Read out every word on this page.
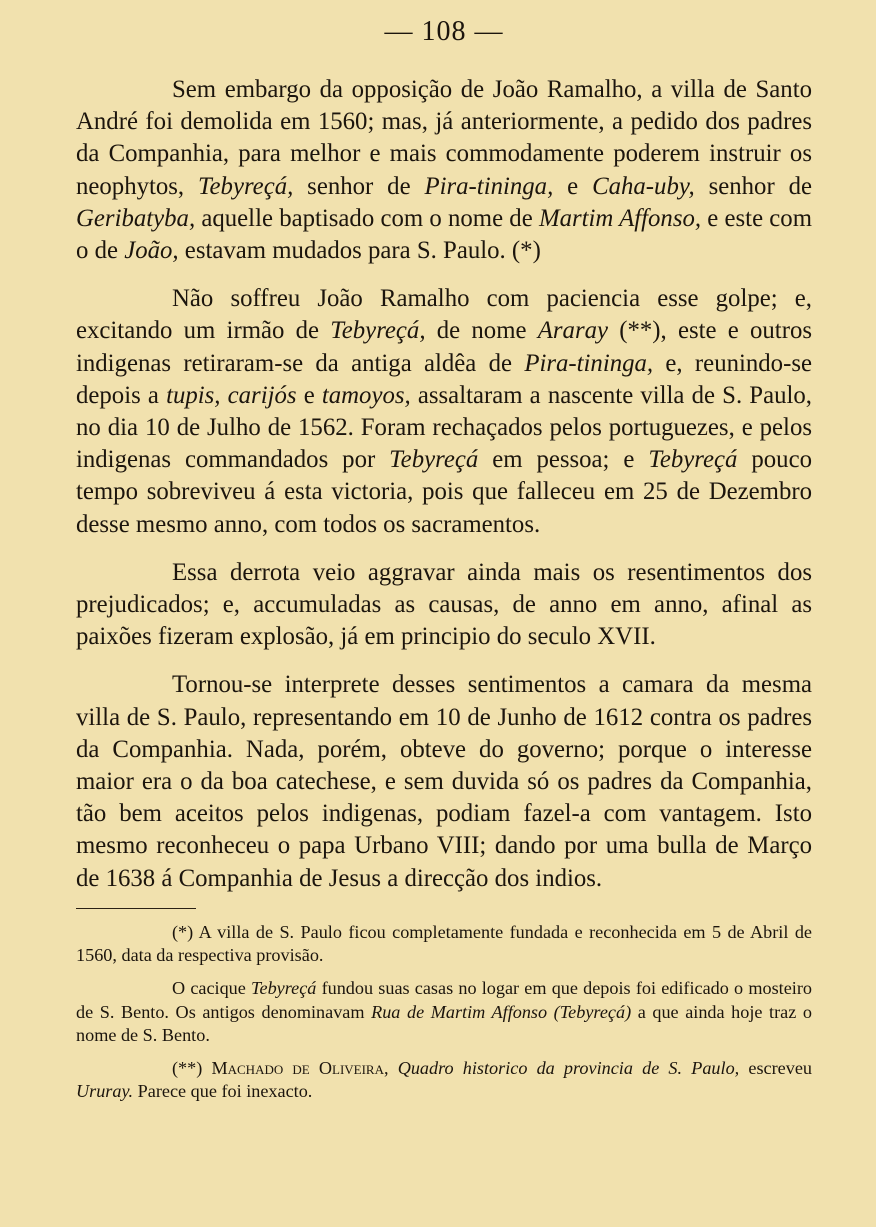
— 108 —

Sem embargo da opposição de João Ramalho, a villa de Santo André foi demolida em 1560; mas, já anteriormente, a pedido dos padres da Companhia, para melhor e mais commodamente poderem instruir os neophytos, Tebyreçá, senhor de Pira-tininga, e Caha-uby, senhor de Geribatyba, aquelle baptisado com o nome de Martim Affonso, e este com o de João, estavam mudados para S. Paulo. (*)

Não soffreu João Ramalho com paciencia esse golpe; e, excitando um irmão de Tebyreçá, de nome Araray (**), este e outros indigenas retiraram-se da antiga aldêa de Pira-tininga, e, reunindo-se depois a tupis, carijós e tamoyos, assaltaram a nascente villa de S. Paulo, no dia 10 de Julho de 1562. Foram rechaçados pelos portuguezes, e pelos indigenas commandados por Tebyreçá em pessoa; e Tebyreçá pouco tempo sobreviveu á esta victoria, pois que falleceu em 25 de Dezembro desse mesmo anno, com todos os sacramentos.

Essa derrota veio aggravar ainda mais os resentimentos dos prejudicados; e, accumuladas as causas, de anno em anno, afinal as paixões fizeram explosão, já em principio do seculo XVII.

Tornou-se interprete desses sentimentos a camara da mesma villa de S. Paulo, representando em 10 de Junho de 1612 contra os padres da Companhia. Nada, porém, obteve do governo; porque o interesse maior era o da boa catechese, e sem duvida só os padres da Companhia, tão bem aceitos pelos indigenas, podiam fazel-a com vantagem. Isto mesmo reconheceu o papa Urbano VIII; dando por uma bulla de Março de 1638 á Companhia de Jesus a direcção dos indios.

(*) A villa de S. Paulo ficou completamente fundada e reconhecida em 5 de Abril de 1560, data da respectiva provisão.

O cacique Tebyreçá fundou suas casas no logar em que depois foi edificado o mosteiro de S. Bento. Os antigos denominavam Rua de Martim Affonso (Tebyreçá) a que ainda hoje traz o nome de S. Bento.

(**) Machado de Oliveira, Quadro historico da provincia de S. Paulo, escreveu Ururay. Parece que foi inexacto.
